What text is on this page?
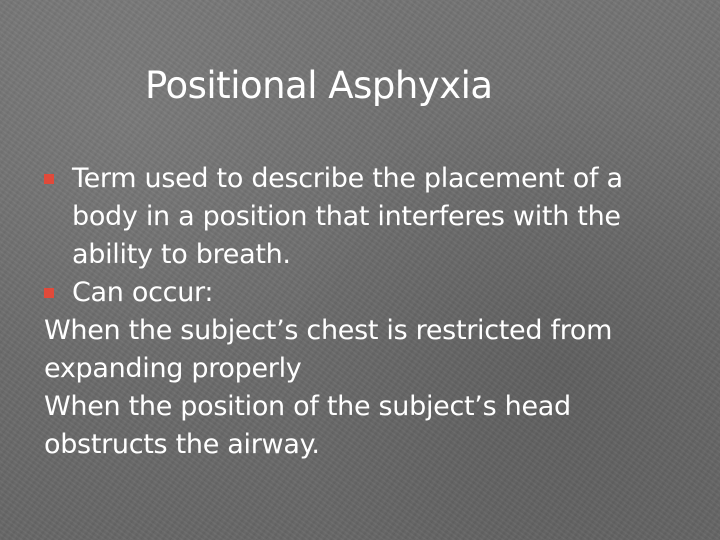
Positional Asphyxia
Term used to describe the placement of a
body in a position that interferes with the
ability to breath.
Can occur:
When the subject’s chest is restricted from
expanding properly
When the position of the subject’s head
obstructs the airway.
